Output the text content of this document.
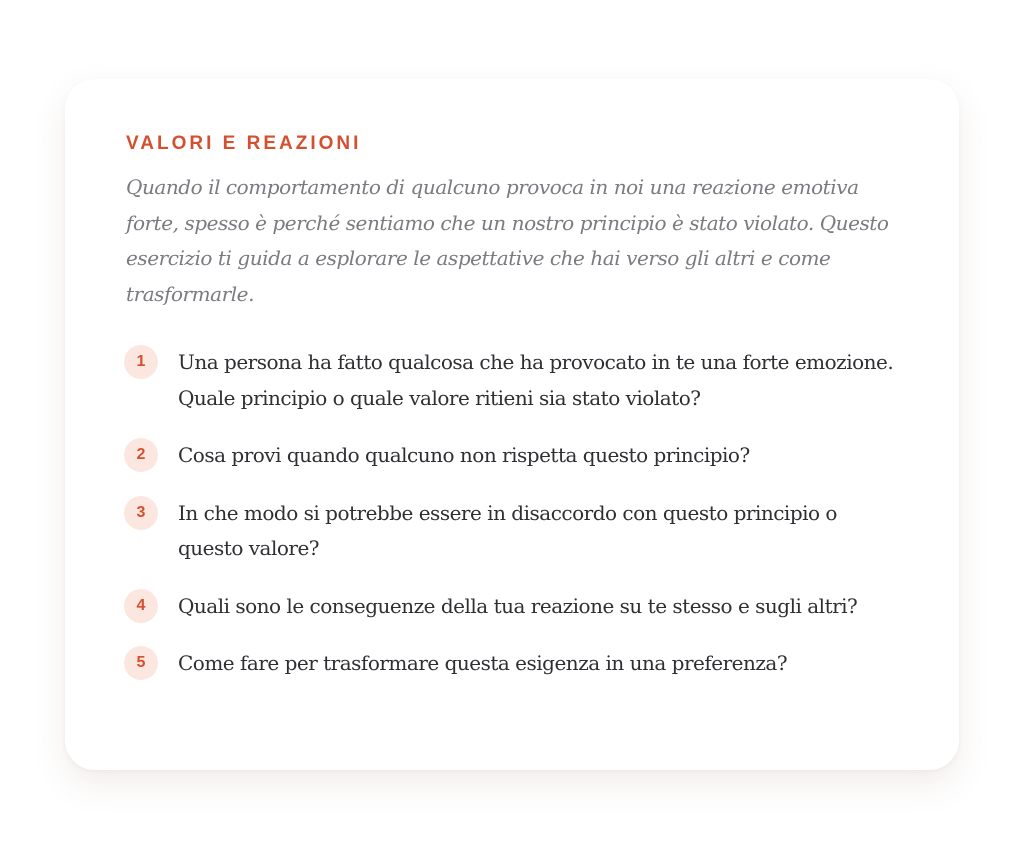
VALORI E REAZIONI

Quando il comportamento di qualcuno provoca in noi una reazione emotiva forte, spesso è perché sentiamo che un nostro principio è stato violato. Questo esercizio ti guida a esplorare le aspettative che hai verso gli altri e come trasformarle.

1	Una persona ha fatto qualcosa che ha provocato in te una forte emozione. Quale principio o quale valore ritieni sia stato violato?
2	Cosa provi quando qualcuno non rispetta questo principio?
3	In che modo si potrebbe essere in disaccordo con questo principio o questo valore?
4	Quali sono le conseguenze della tua reazione su te stesso e sugli altri?
5	Come fare per trasformare questa esigenza in una preferenza?
